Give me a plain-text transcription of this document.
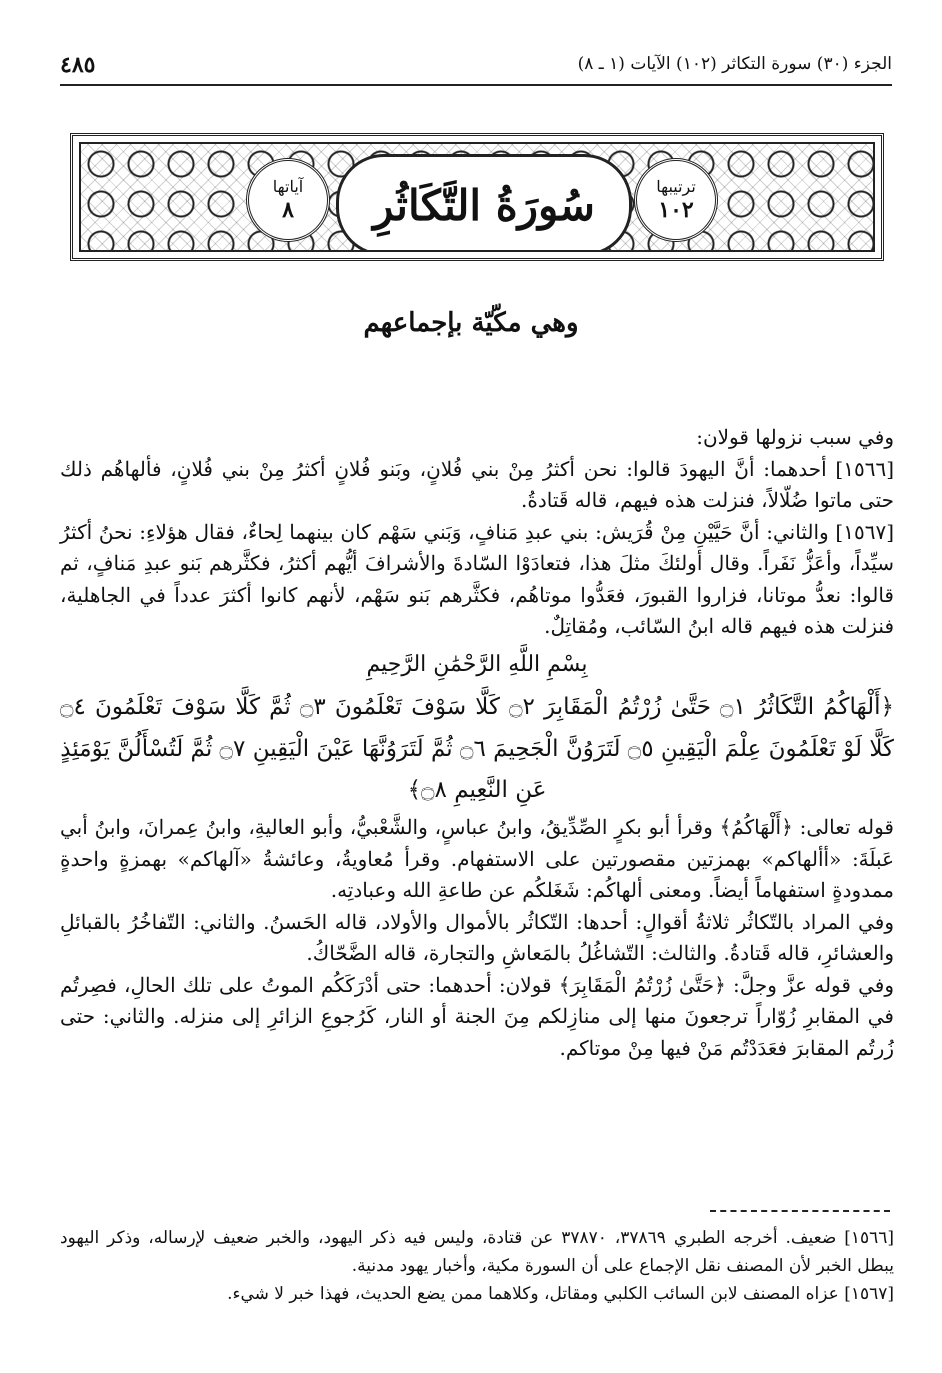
الجزء (٣٠) سورة التكاثر (١٠٢) الآيات (١ ـ ٨)
٤٨٥
ترتيبها
١٠٢
سُورَةُ التَّكَاثُرِ
آياتها
٨
وهي مكّيّة بإجماعهم

وفي سبب نزولها قولان:

[١٥٦٦] أحدهما: أنَّ اليهودَ قالوا: نحن أكثرُ مِنْ بني فُلانٍ، وبَنو فُلانٍ أكثرُ مِنْ بني فُلانٍ، فألهاهُم ذلك حتى ماتوا ضُلّالاً، فنزلت هذه فيهم، قاله قَتادةُ.

[١٥٦٧] والثاني: أنَّ حَيَّيْنِ مِنْ قُرَيش: بني عبدِ مَنافٍ، وَبَني سَهْم كان بينهما لِحاءٌ، فقال هؤلاءِ: نحنُ أكثرُ سيِّداً، وأعَزُّ نَفَراً. وقال أولئكَ مثلَ هذا، فتعادَوْا السّادةَ والأشرافَ أيُّهم أكثرُ، فكثَّرهم بَنو عبدِ مَنافٍ، ثم قالوا: نعدُّ موتانا، فزاروا القبورَ، فعَدُّوا موتاهُم، فكثَّرهم بَنو سَهْم، لأنهم كانوا أكثرَ عدداً في الجاهلية، فنزلت هذه فيهم قاله ابنُ السّائب، ومُقاتِلٌ.

بِسْمِ اللَّهِ الرَّحْمَٰنِ الرَّحِيمِ

﴿أَلْهَاكُمُ التَّكَاثُرُ ۝١ حَتَّىٰ زُرْتُمُ الْمَقَابِرَ ۝٢ كَلَّا سَوْفَ تَعْلَمُونَ ۝٣ ثُمَّ كَلَّا سَوْفَ تَعْلَمُونَ ۝٤ كَلَّا لَوْ تَعْلَمُونَ عِلْمَ الْيَقِينِ ۝٥ لَتَرَوُنَّ الْجَحِيمَ ۝٦ ثُمَّ لَتَرَوُنَّهَا عَيْنَ الْيَقِينِ ۝٧ ثُمَّ لَتُسْأَلُنَّ يَوْمَئِذٍ

عَنِ النَّعِيمِ ۝٨﴾

قوله تعالى: ﴿أَلْهَاكُمُ﴾ وقرأ أبو بكرٍ الصِّدِّيقُ، وابنُ عباسٍ، والشَّعْبيُّ، وأبو العاليةِ، وابنُ عِمرانَ، وابنُ أبي عَبلَةَ: «أألهاكم» بهمزتين مقصورتين على الاستفهام. وقرأ مُعاويةُ، وعائشةُ «آلهاكم» بهمزةٍ واحدةٍ ممدودةٍ استفهاماً أيضاً. ومعنى ألهاكُم: شَغَلكُم عن طاعةِ الله وعبادتِه.

وفي المراد بالتّكاثُر ثلاثةُ أقوالٍ: أحدها: التّكاثُر بالأموال والأولاد، قاله الحَسنُ. والثاني: التّفاخُرُ بالقبائلِ والعشائرِ، قاله قَتادةُ. والثالث: التّشاغُلُ بالمَعاشِ والتجارة، قاله الضَّحّاكُ.

وفي قوله عزَّ وجلَّ: ﴿حَتَّىٰ زُرْتُمُ الْمَقَابِرَ﴾ قولان: أحدهما: حتى أدْرَكَكُم الموتُ على تلك الحالِ، فصِرتُم في المقابرِ زُوّاراً ترجعونَ منها إلى منازِلكم مِنَ الجنة أو النار، كَرُجوعِ الزائرِ إلى منزله. والثاني: حتى زُرتُم المقابرَ فعَدَدْتُم مَنْ فيها مِنْ موتاكم.

[١٥٦٦] ضعيف. أخرجه الطبري ٣٧٨٦٩، ٣٧٨٧٠ عن قتادة، وليس فيه ذكر اليهود، والخبر ضعيف لإرساله، وذكر اليهود يبطل الخبر لأن المصنف نقل الإجماع على أن السورة مكية، وأخبار يهود مدنية.

[١٥٦٧] عزاه المصنف لابن السائب الكلبي ومقاتل، وكلاهما ممن يضع الحديث، فهذا خبر لا شيء.
